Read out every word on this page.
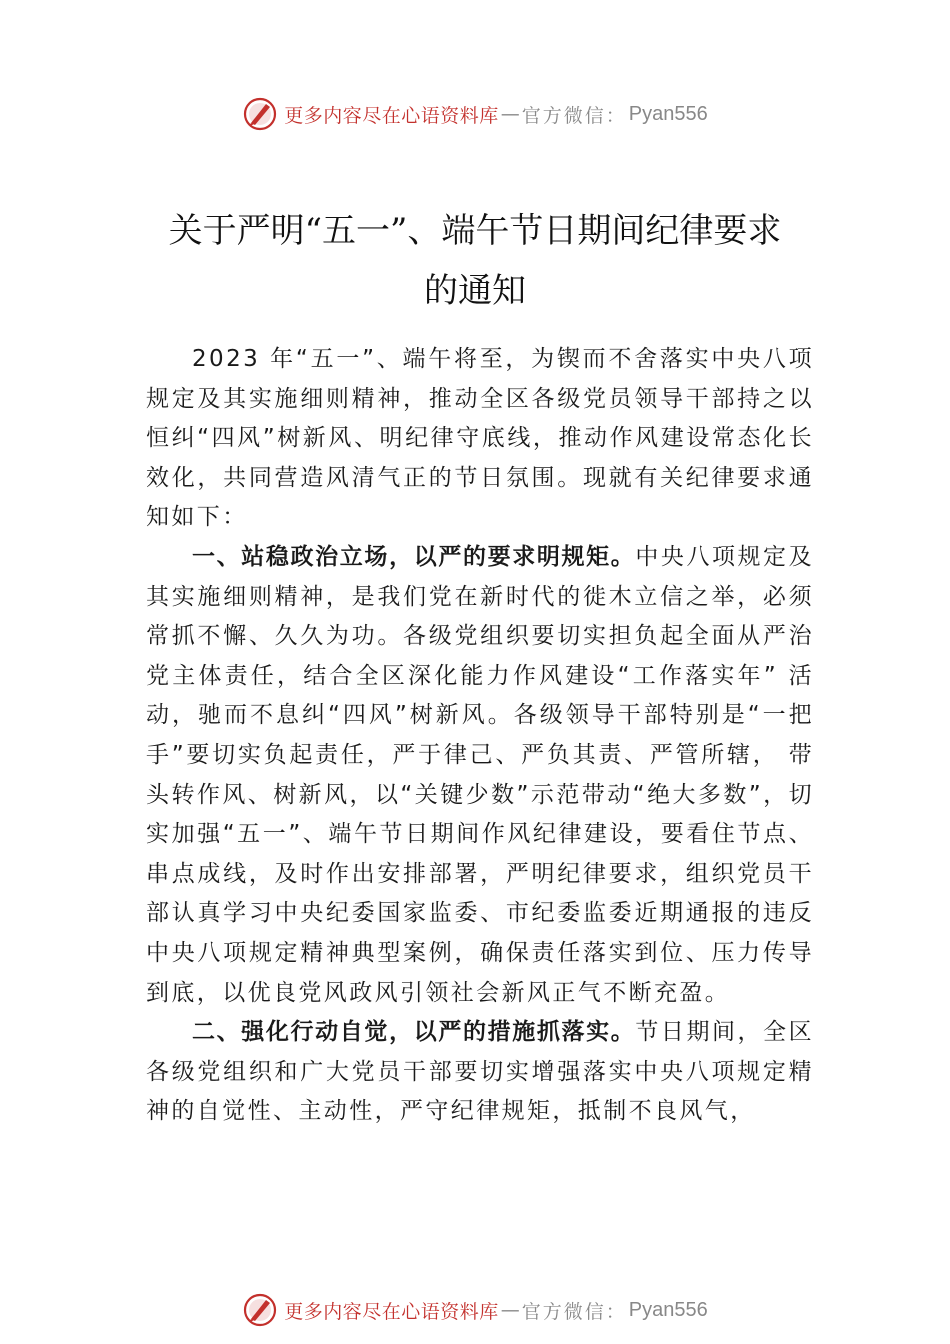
更多内容尽在心语资料库 — 官方微信： Pyan556
关于严明“五一”、端午节日期间纪律要求
的通知

2023 年“五一”、端午将至，为锲而不舍落实中央八项规定及其实施细则精神，推动全区各级党员领导干部持之以恒纠“四风”树新风、明纪律守底线，推动作风建设常态化长效化，共同营造风清气正的节日氛围。现就有关纪律要求通知如下：

一、站稳政治立场，以严的要求明规矩。中央八项规定及其实施细则精神，是我们党在新时代的徙木立信之举，必须常抓不懈、久久为功。各级党组织要切实担负起全面从严治党主体责任，结合全区深化能力作风建设“工作落实年” 活动，驰而不息纠“四风”树新风。各级领导干部特别是“一把手”要切实负起责任，严于律己、严负其责、严管所辖， 带头转作风、树新风，以“关键少数”示范带动“绝大多数”，切实加强“五一”、端午节日期间作风纪律建设，要看住节点、串点成线，及时作出安排部署，严明纪律要求，组织党员干部认真学习中央纪委国家监委、市纪委监委近期通报的违反中央八项规定精神典型案例，确保责任落实到位、压力传导到底，以优良党风政风引领社会新风正气不断充盈。

二、强化行动自觉，以严的措施抓落实。节日期间，全区各级党组织和广大党员干部要切实增强落实中央八项规定精神的自觉性、主动性，严守纪律规矩，抵制不良风气，

更多内容尽在心语资料库 — 官方微信： Pyan556
